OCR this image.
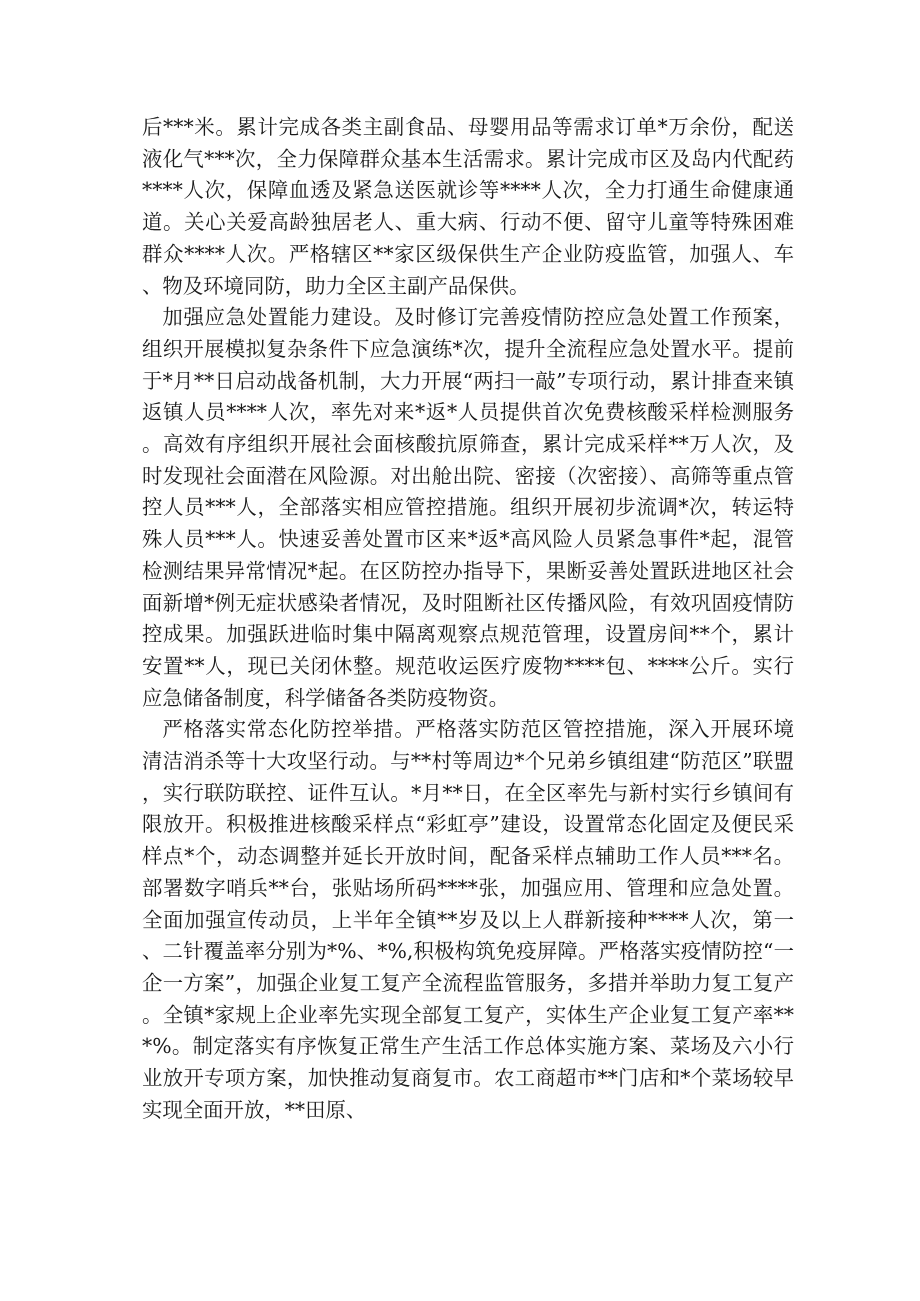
后***米。累计完成各类主副食品、母婴用品等需求订单*万余份，配送液化气***次，全力保障群众基本生活需求。累计完成市区及岛内代配药****人次，保障血透及紧急送医就诊等****人次，全力打通生命健康通道。关心关爱高龄独居老人、重大病、行动不便、留守儿童等特殊困难群众****人次。严格辖区**家区级保供生产企业防疫监管，加强人、车、物及环境同防，助力全区主副产品保供。

加强应急处置能力建设。及时修订完善疫情防控应急处置工作预案，组织开展模拟复杂条件下应急演练*次，提升全流程应急处置水平。提前于*月**日启动战备机制，大力开展“两扫一敲”专项行动，累计排查来镇返镇人员****人次，率先对来*返*人员提供首次免费核酸采样检测服务。高效有序组织开展社会面核酸抗原筛查，累计完成采样**万人次，及时发现社会面潜在风险源。对出舱出院、密接（次密接）、高筛等重点管控人员***人，全部落实相应管控措施。组织开展初步流调*次，转运特殊人员***人。快速妥善处置市区来*返*高风险人员紧急事件*起，混管检测结果异常情况*起。在区防控办指导下，果断妥善处置跃进地区社会面新增*例无症状感染者情况，及时阻断社区传播风险，有效巩固疫情防控成果。加强跃进临时集中隔离观察点规范管理，设置房间**个，累计安置**人，现已关闭休整。规范收运医疗废物****包、****公斤。实行应急储备制度，科学储备各类防疫物资。

严格落实常态化防控举措。严格落实防范区管控措施，深入开展环境清洁消杀等十大攻坚行动。与**村等周边*个兄弟乡镇组建“防范区”联盟，实行联防联控、证件互认。*月**日，在全区率先与新村实行乡镇间有限放开。积极推进核酸采样点“彩虹亭”建设，设置常态化固定及便民采样点*个，动态调整并延长开放时间，配备采样点辅助工作人员***名。部署数字哨兵**台，张贴场所码****张，加强应用、管理和应急处置。全面加强宣传动员，上半年全镇**岁及以上人群新接种****人次，第一、二针覆盖率分别为*%、*%,积极构筑免疫屏障。严格落实疫情防控“一企一方案”，加强企业复工复产全流程监管服务，多措并举助力复工复产。全镇*家规上企业率先实现全部复工复产，实体生产企业复工复产率***%。制定落实有序恢复正常生产生活工作总体实施方案、菜场及六小行业放开专项方案，加快推动复商复市。农工商超市**门店和*个菜场较早实现全面开放，**田原、
